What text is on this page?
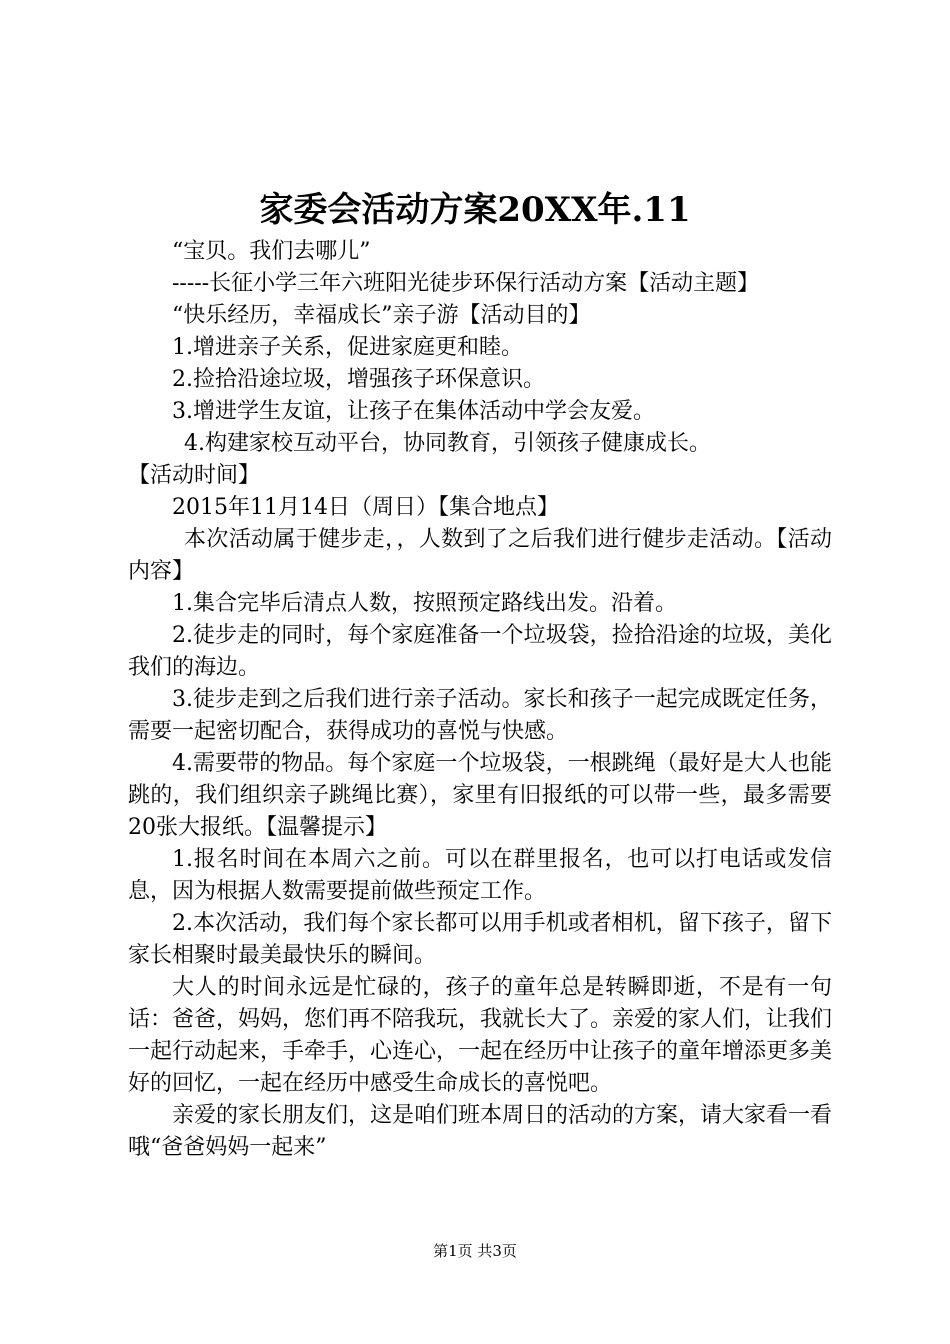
家委会活动方案20XX年.11

“宝贝。我们去哪儿”

-----长征小学三年六班阳光徒步环保行活动方案【活动主题】

“快乐经历，幸福成长”亲子游【活动目的】

1.增进亲子关系，促进家庭更和睦。

2.捡拾沿途垃圾，增强孩子环保意识。

3.增进学生友谊，让孩子在集体活动中学会友爱。

4.构建家校互动平台，协同教育，引领孩子健康成长。

【活动时间】

2015年11月14日（周日）【集合地点】

本次活动属于健步走，，人数到了之后我们进行健步走活动。【活动内容】

1.集合完毕后清点人数，按照预定路线出发。沿着。

2.徒步走的同时，每个家庭准备一个垃圾袋，捡拾沿途的垃圾，美化我们的海边。

3.徒步走到之后我们进行亲子活动。家长和孩子一起完成既定任务，需要一起密切配合，获得成功的喜悦与快感。

4.需要带的物品。每个家庭一个垃圾袋，一根跳绳（最好是大人也能跳的，我们组织亲子跳绳比赛），家里有旧报纸的可以带一些，最多需要20张大报纸。【温馨提示】

1.报名时间在本周六之前。可以在群里报名，也可以打电话或发信息，因为根据人数需要提前做些预定工作。

2.本次活动，我们每个家长都可以用手机或者相机，留下孩子，留下家长相聚时最美最快乐的瞬间。

大人的时间永远是忙碌的，孩子的童年总是转瞬即逝，不是有一句话：爸爸，妈妈，您们再不陪我玩，我就长大了。亲爱的家人们，让我们一起行动起来，手牵手，心连心，一起在经历中让孩子的童年增添更多美好的回忆，一起在经历中感受生命成长的喜悦吧。

亲爱的家长朋友们，这是咱们班本周日的活动的方案，请大家看一看哦“爸爸妈妈一起来”

第1页 共3页
